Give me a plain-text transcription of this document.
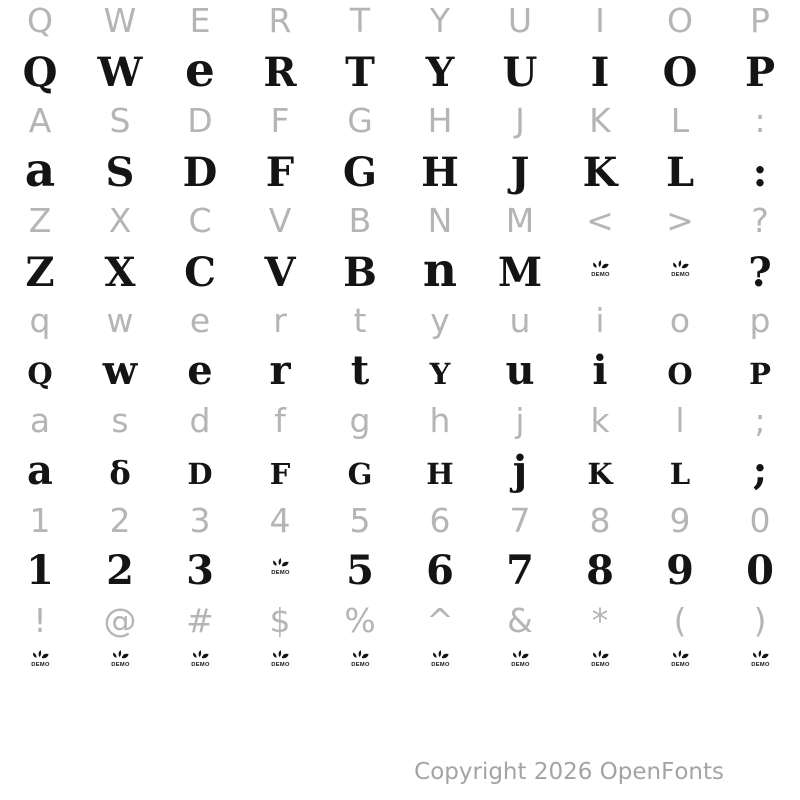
Q W E R T Y U I O P
Q W e R T Y U I O P
A S D F G H J K L :
a S D F G H J K L :
Z X C V B N M < > ?
Z X C V B n M	DEMO	DEMO ?
q w e r t y u i o p
Q w e r t Y u i O P
a s d f g h j k l ;
a δ D F G H j K L ;
1 2 3 4 5 6 7 8 9 0
1 2 3	DEMO 5 6 7 8 9 0
! @ # $ % ^ & * ( )
DEMO	DEMO	DEMO	DEMO	DEMO	DEMO	DEMO	DEMO	DEMO	DEMO
Copyright 2026 OpenFonts
